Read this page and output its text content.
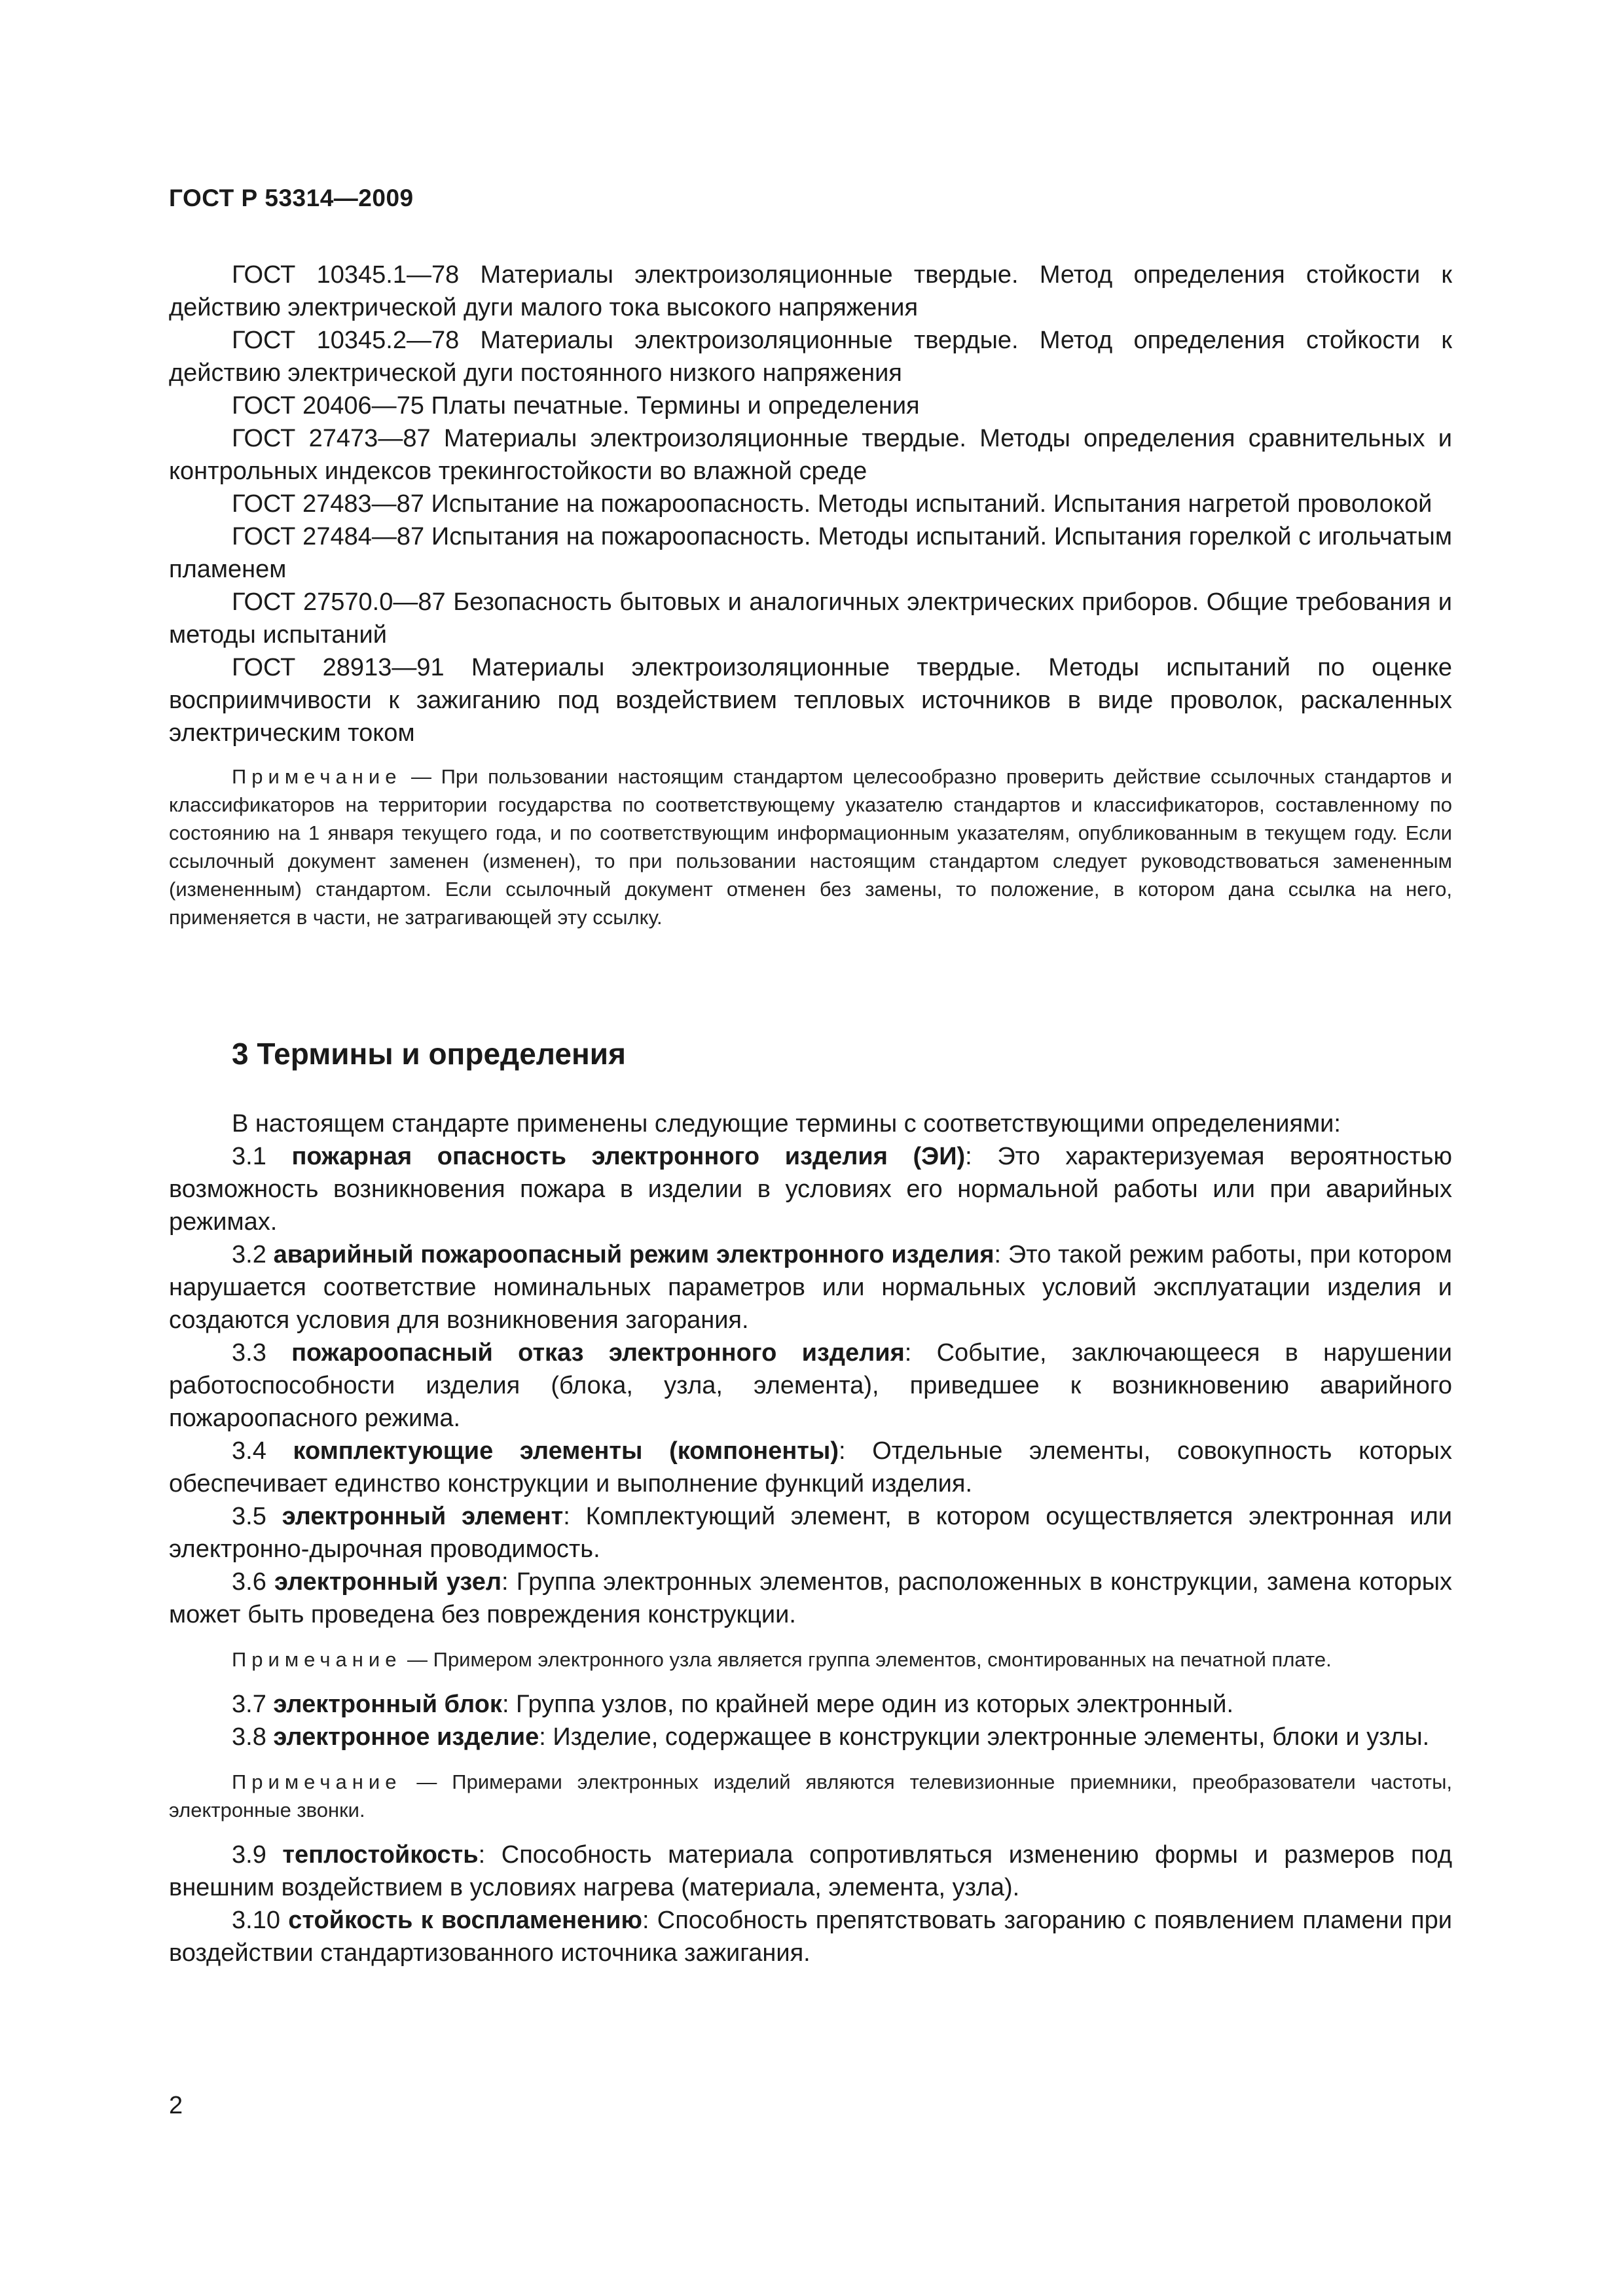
ГОСТ Р 53314—2009

ГОСТ 10345.1—78 Материалы электроизоляционные твердые. Метод определения стойкости к действию электрической дуги малого тока высокого напряжения

ГОСТ 10345.2—78 Материалы электроизоляционные твердые. Метод определения стойкости к действию электрической дуги постоянного низкого напряжения

ГОСТ 20406—75 Платы печатные. Термины и определения

ГОСТ 27473—87 Материалы электроизоляционные твердые. Методы определения сравнительных и контрольных индексов трекингостойкости во влажной среде

ГОСТ 27483—87 Испытание на пожароопасность. Методы испытаний. Испытания нагретой проволокой

ГОСТ 27484—87 Испытания на пожароопасность. Методы испытаний. Испытания горелкой с игольчатым пламенем

ГОСТ 27570.0—87 Безопасность бытовых и аналогичных электрических приборов. Общие требования и методы испытаний

ГОСТ 28913—91 Материалы электроизоляционные твердые. Методы испытаний по оценке восприимчивости к зажиганию под воздействием тепловых источников в виде проволок, раскаленных электрическим током

Примечание — При пользовании настоящим стандартом целесообразно проверить действие ссылочных стандартов и классификаторов на территории государства по соответствующему указателю стандартов и классификаторов, составленному по состоянию на 1 января текущего года, и по соответствующим информационным указателям, опубликованным в текущем году. Если ссылочный документ заменен (изменен), то при пользовании настоящим стандартом следует руководствоваться замененным (измененным) стандартом. Если ссылочный документ отменен без замены, то положение, в котором дана ссылка на него, применяется в части, не затрагивающей эту ссылку.

3 Термины и определения

В настоящем стандарте применены следующие термины с соответствующими определениями:

3.1 пожарная опасность электронного изделия (ЭИ): Это характеризуемая вероятностью возможность возникновения пожара в изделии в условиях его нормальной работы или при аварийных режимах.

3.2 аварийный пожароопасный режим электронного изделия: Это такой режим работы, при котором нарушается соответствие номинальных параметров или нормальных условий эксплуатации изделия и создаются условия для возникновения загорания.

3.3 пожароопасный отказ электронного изделия: Событие, заключающееся в нарушении работоспособности изделия (блока, узла, элемента), приведшее к возникновению аварийного пожароопасного режима.

3.4 комплектующие элементы (компоненты): Отдельные элементы, совокупность которых обеспечивает единство конструкции и выполнение функций изделия.

3.5 электронный элемент: Комплектующий элемент, в котором осуществляется электронная или электронно-дырочная проводимость.

3.6 электронный узел: Группа электронных элементов, расположенных в конструкции, замена которых может быть проведена без повреждения конструкции.

Примечание — Примером электронного узла является группа элементов, смонтированных на печатной плате.

3.7 электронный блок: Группа узлов, по крайней мере один из которых электронный.

3.8 электронное изделие: Изделие, содержащее в конструкции электронные элементы, блоки и узлы.

Примечание — Примерами электронных изделий являются телевизионные приемники, преобразователи частоты, электронные звонки.

3.9 теплостойкость: Способность материала сопротивляться изменению формы и размеров под внешним воздействием в условиях нагрева (материала, элемента, узла).

3.10 стойкость к воспламенению: Способность препятствовать загоранию с появлением пламени при воздействии стандартизованного источника зажигания.

2
